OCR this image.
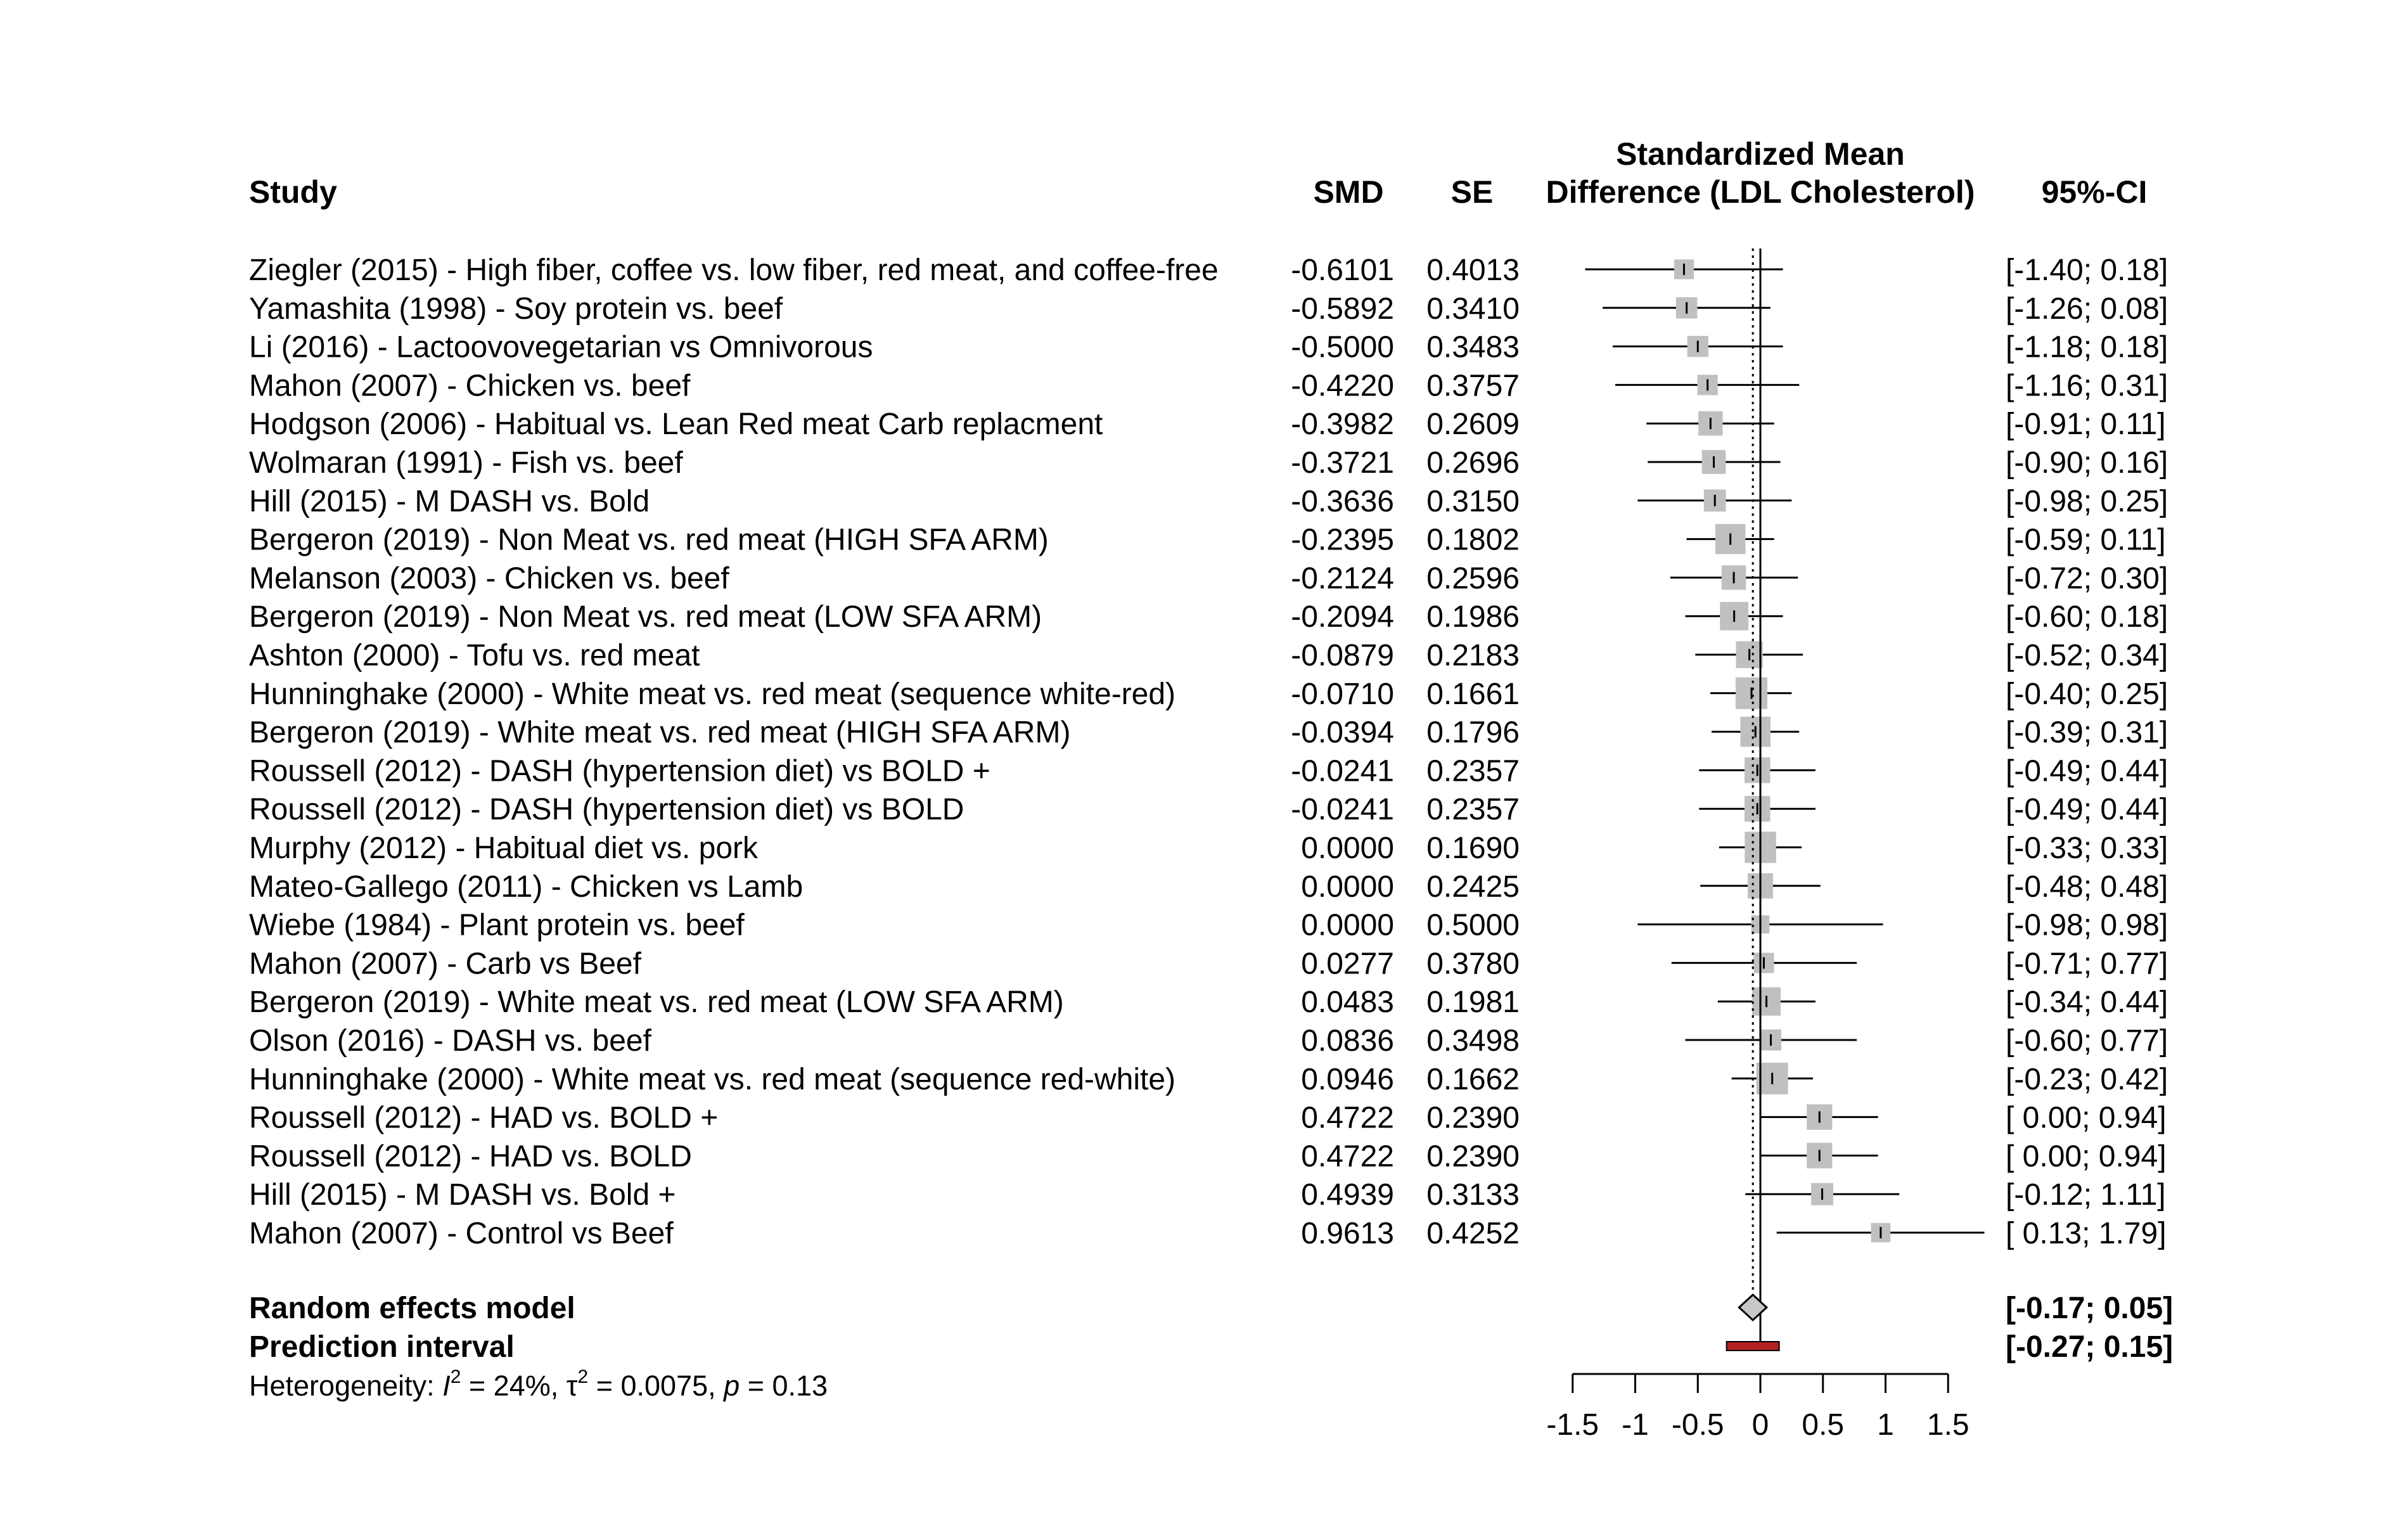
Study	SMD SE
Standardized Mean
Difference (LDL Cholesterol) 95%-CI
Ziegler (2015) - High fiber, coffee vs. low fiber, red meat, and coffee-free -0.6101 0.4013	[-1.40; 0.18]
Yamashita (1998) - Soy protein vs. beef	-0.5892 0.3410	[-1.26; 0.08]
Li (2016) - Lactoovovegetarian vs Omnivorous	-0.5000 0.3483	[-1.18; 0.18]
Mahon (2007) - Chicken vs. beef	-0.4220 0.3757	[-1.16; 0.31]
Hodgson (2006) - Habitual vs. Lean Red meat Carb replacment	-0.3982 0.2609	[-0.91; 0.11]
Wolmaran (1991) - Fish vs. beef	-0.3721 0.2696	[-0.90; 0.16]
Hill (2015) - M DASH vs. Bold	-0.3636 0.3150	[-0.98; 0.25]
Bergeron (2019) - Non Meat vs. red meat (HIGH SFA ARM)	-0.2395 0.1802	[-0.59; 0.11]
Melanson (2003) - Chicken vs. beef	-0.2124 0.2596	[-0.72; 0.30]
Bergeron (2019) - Non Meat vs. red meat (LOW SFA ARM)	-0.2094 0.1986	[-0.60; 0.18]
Ashton (2000) - Tofu vs. red meat	-0.0879 0.2183	[-0.52; 0.34]
Hunninghake (2000) - White meat vs. red meat (sequence white-red)	-0.0710 0.1661	[-0.40; 0.25]
Bergeron (2019) - White meat vs. red meat (HIGH SFA ARM)	-0.0394 0.1796	[-0.39; 0.31]
Roussell (2012) - DASH (hypertension diet) vs BOLD +	-0.0241 0.2357	[-0.49; 0.44]
Roussell (2012) - DASH (hypertension diet) vs BOLD	-0.0241 0.2357	[-0.49; 0.44]
Murphy (2012) - Habitual diet vs. pork	0.0000 0.1690	[-0.33; 0.33]
Mateo-Gallego (2011) - Chicken vs Lamb	0.0000 0.2425	[-0.48; 0.48]
Wiebe (1984) - Plant protein vs. beef	0.0000 0.5000	[-0.98; 0.98]
Mahon (2007) - Carb vs Beef	0.0277 0.3780	[-0.71; 0.77]
Bergeron (2019) - White meat vs. red meat (LOW SFA ARM)	0.0483 0.1981	[-0.34; 0.44]
Olson (2016) - DASH vs. beef	0.0836 0.3498	[-0.60; 0.77]
Hunninghake (2000) - White meat vs. red meat (sequence red-white)	0.0946 0.1662	[-0.23; 0.42]
Roussell (2012) - HAD vs. BOLD +	0.4722 0.2390	[ 0.00; 0.94]
Roussell (2012) - HAD vs. BOLD	0.4722 0.2390	[ 0.00; 0.94]
Hill (2015) - M DASH vs. Bold +	0.4939 0.3133	[-0.12; 1.11]
Mahon (2007) - Control vs Beef	0.9613 0.4252	[ 0.13; 1.79]
Random effects model	[-0.17; 0.05]
Prediction interval	[-0.27; 0.15]
-1.5 -1 -0.5 0 0.5 1 1.5
Heterogeneity: $I^2 = 24\%$, $\tau^2 = 0.0075$, p = 0.13
